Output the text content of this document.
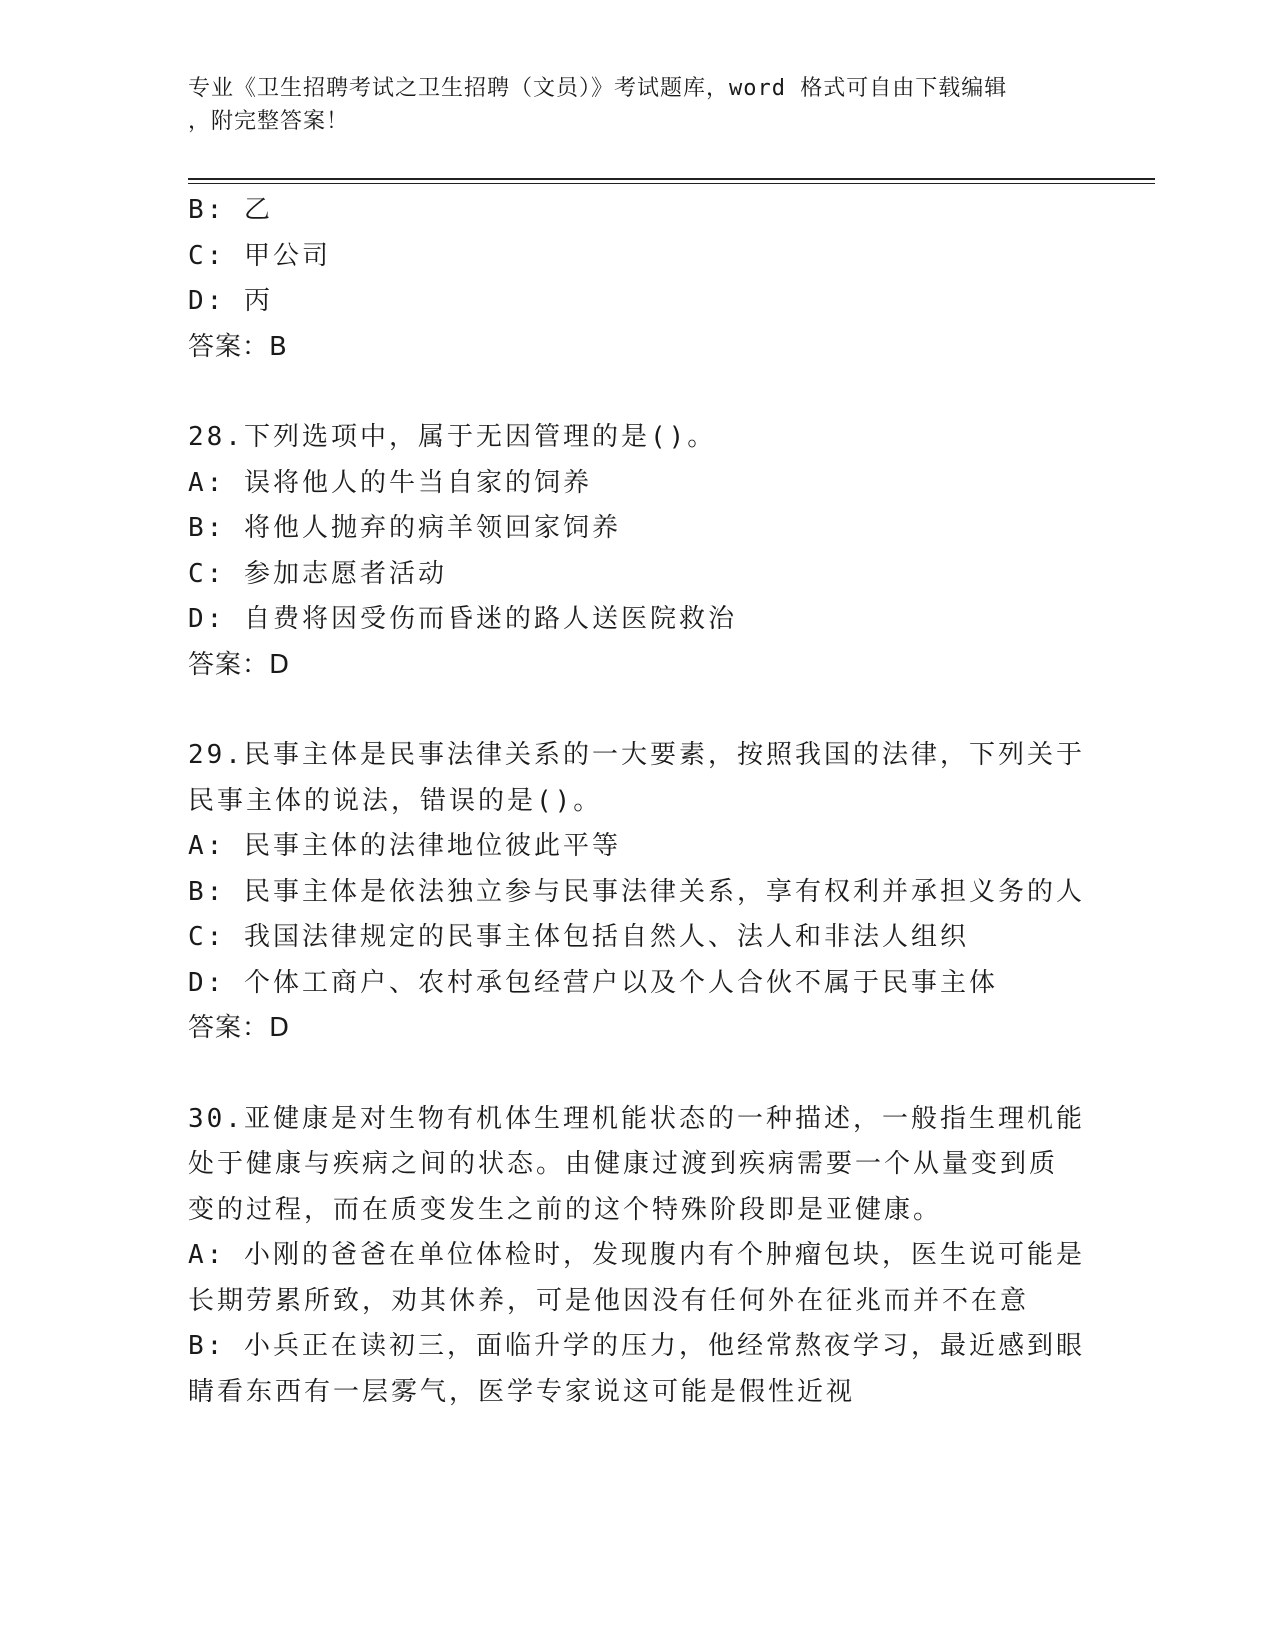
专业《卫生招聘考试之卫生招聘（文员）》考试题库，word 格式可自由下载编辑
，附完整答案！
B: 乙
C: 甲公司
D: 丙
答案：B
28.下列选项中，属于无因管理的是()。
A: 误将他人的牛当自家的饲养
B: 将他人抛弃的病羊领回家饲养
C: 参加志愿者活动
D: 自费将因受伤而昏迷的路人送医院救治
答案：D
29.民事主体是民事法律关系的一大要素，按照我国的法律，下列关于
民事主体的说法，错误的是()。
A: 民事主体的法律地位彼此平等
B: 民事主体是依法独立参与民事法律关系，享有权利并承担义务的人
C: 我国法律规定的民事主体包括自然人、法人和非法人组织
D: 个体工商户、农村承包经营户以及个人合伙不属于民事主体
答案：D
30.亚健康是对生物有机体生理机能状态的一种描述，一般指生理机能
处于健康与疾病之间的状态。由健康过渡到疾病需要一个从量变到质
变的过程，而在质变发生之前的这个特殊阶段即是亚健康。
A: 小刚的爸爸在单位体检时，发现腹内有个肿瘤包块，医生说可能是
长期劳累所致，劝其休养，可是他因没有任何外在征兆而并不在意
B: 小兵正在读初三，面临升学的压力，他经常熬夜学习，最近感到眼
睛看东西有一层雾气，医学专家说这可能是假性近视
